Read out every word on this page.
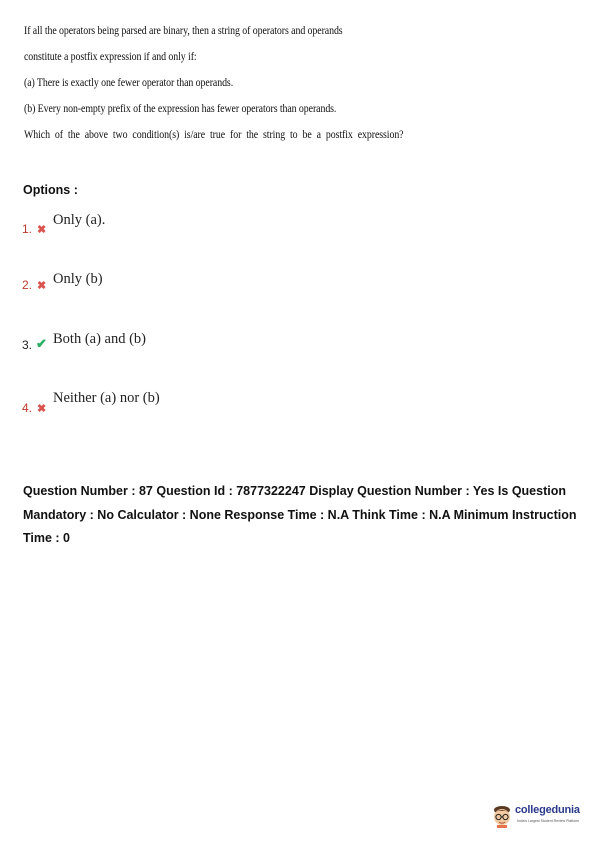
If all the operators being parsed are binary, then a string of operators and operands
constitute a postfix expression if and only if:
(a) There is exactly one fewer operator than operands.
(b) Every non-empty prefix of the expression has fewer operators than operands.
Which of the above two condition(s) is/are true for the string to be a postfix expression?
Options :
1. ✖
Only (a).
2. ✖ Only (b)
3. ✔ Both (a) and (b)
4. ✖
Neither (a) nor (b)
Question Number : 87 Question Id : 7877322247 Display Question Number : Yes Is Question
Mandatory : No Calculator : None Response Time : N.A Think Time : N.A Minimum Instruction
Time : 0
collegedunia
India's Largest Student Review Platform
